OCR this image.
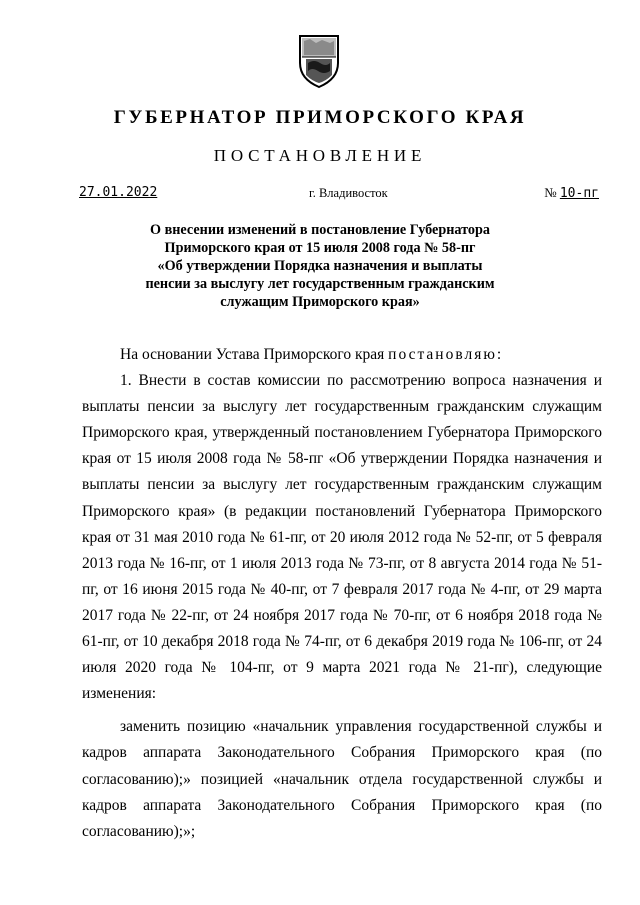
ГУБЕРНАТОР ПРИМОРСКОГО КРАЯ
ПОСТАНОВЛЕНИЕ
27.01.2022	г. Владивосток	№ 10-пг
О внесении изменений в постановление Губернатора
Приморского края от 15 июля 2008 года № 58-пг
«Об утверждении Порядка назначения и выплаты
пенсии за выслугу лет государственным гражданским
служащим Приморского края»

На основании Устава Приморского края постановляю:

1. Внести в состав комиссии по рассмотрению вопроса назначения и выплаты пенсии за выслугу лет государственным гражданским служащим Приморского края, утвержденный постановлением Губернатора Приморского края от 15 июля 2008 года № 58-пг «Об утверждении Порядка назначения и выплаты пенсии за выслугу лет государственным гражданским служащим Приморского края» (в редакции постановлений Губернатора Приморского края от 31 мая 2010 года № 61-пг, от 20 июля 2012 года № 52-пг, от 5 февраля 2013 года № 16-пг, от 1 июля 2013 года № 73-пг, от 8 августа 2014 года № 51-пг, от 16 июня 2015 года № 40-пг, от 7 февраля 2017 года № 4-пг, от 29 марта 2017 года № 22-пг, от 24 ноября 2017 года № 70-пг, от 6 ноября 2018 года № 61-пг, от 10 декабря 2018 года № 74-пг, от 6 декабря 2019 года № 106-пг, от 24 июля 2020 года № 104-пг, от 9 марта 2021 года № 21-пг), следующие изменения:

заменить позицию «начальник управления государственной службы и кадров аппарата Законодательного Собрания Приморского края (по согласованию);» позицией «начальник отдела государственной службы и кадров аппарата Законодательного Собрания Приморского края (по согласованию);»;
